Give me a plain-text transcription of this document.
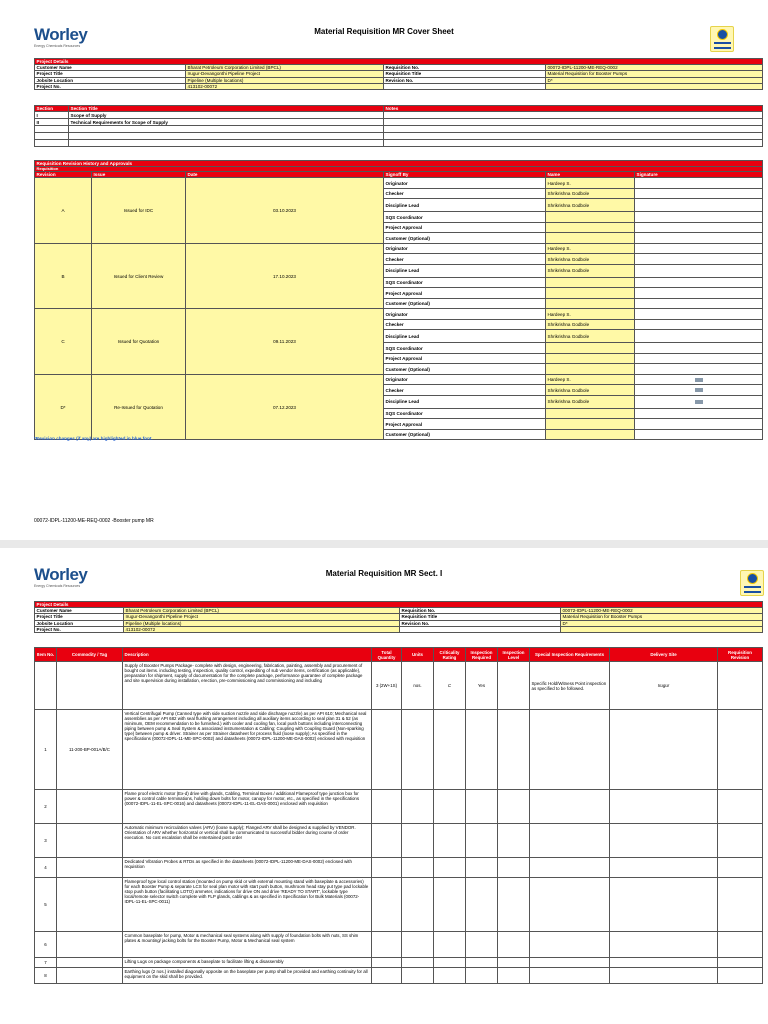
Worley
Energy Chemicals Resources
Material Requisition MR Cover Sheet
Project Details			
Customer Name	Bharat Petroleum Corporation Limited (BPCL)	Requisition No.	00072-IDPL-11200-ME-REQ-0002
Project Title	Irugur-Devangonthi Pipeline Project	Requisition Title	Material Requisition for Booster Pumps
Jobsite Location	Pipeline (Multiple locations)	Revision No.	D*
Project No.	413102-00072		
Section	Section Title	Notes
I	Scope of Supply	
II	Technical Requirements for Scope of Supply	

Requisition Revision History and Approvals						
Requisition						
Revision	Issue	Date	Signoff By	Name	Signature	
A	Issued for IDC	03.10.2023	Originator	Hardeep S.		
			Checker	Shrikrishna Godbole		
			Discipline Lead	Shrikrishna Godbole		
			SQS Coordinator			
			Project Approval			
			Customer (Optional)			
B	Issued for Client Review	17.10.2023	Originator	Hardeep S.		
			Checker	Shrikrishna Godbole		
			Discipline Lead	Shrikrishna Godbole		
			SQS Coordinator			
			Project Approval			
			Customer (Optional)			
C	Issued for Quotation	09.11.2023	Originator	Hardeep S.		
			Checker	Shrikrishna Godbole		
			Discipline Lead	Shrikrishna Godbole		
			SQS Coordinator			
			Project Approval			
			Customer (Optional)			
D*	Re-Issued for Quotation	07.12.2023	Originator	Hardeep S.		
			Checker	Shrikrishna Godbole		
			Discipline Lead	Shrikrishna Godbole		
			SQS Coordinator			
			Project Approval			
			Customer (Optional)			
*Revision changes (if any) are highlighted in blue font.
00072-IDPL-11200-ME-REQ-0002 -Booster pump MR
Worley
Energy Chemicals Resources
Material Requisition MR Sect. I
Project Details			
Customer Name	Bharat Petroleum Corporation Limited (BPCL)	Requisition No.	00072-IDPL-11200-ME-REQ-0002
Project Title	Irugur-Devangonthi Pipeline Project	Requisition Title	Material Requisition for Booster Pumps
Jobsite Location	Pipeline (Multiple locations)	Revision No.	D*
Project No.	413102-00072		
Item No.	Commodity / Tag	Description	Total Quantity	Units	Criticality Rating	Inspection Required	Inspection Level	Special Inspection Requirements	Delivery Site	Requisition Revision
		Supply of Booster Pumps Package- complete with design, engineering, fabrication, painting, assembly and procurement of bought out items. including testing, inspection, quality control, expediting of sub vendor items, certification (as applicable), preparation for shipment, supply of documentation for the complete package, performance guarantee of complete package and site supervision during installation, erection, pre-commissioning and commissioning and including	3 (2W+1S)	nos.	C	Yes		Specific Hold/Witness Point inspection as specified to be followed.	Irugur	
1	11-200-BP-001A/B/C	Vertical Centrifugal Pump (Canned type with side suction nozzle and side discharge nozzle) as per API 610; Mechanical seal assemblies as per API 682 with seal flushing arrangement including all auxiliary items according to seal plan 31 & 52 (as minimum, OEM recommendation to be furnished.) with cooler and cooling fan, local push buttons including interconnecting piping between pump & Seal System & associated instrumentation & Cabling; Coupling with Coupling Guard (Non-sparking type) between pump & driver. Strainer as per Strainer datasheet for process fluid (loose supply); As specified in the specifications (00072-IDPL-11-ME-SPC-0002) and datasheets (00072-IDPL-11200-ME-DAS-0002) enclosed with requisition								
2		Flame proof electric motor (Ex-d) drive with glands, Cabling, Terminal Boxes / additional Flameproof type junction box for power & control cable terminations, holding down bolts for motor, canopy for motor, etc., as specified in the specifications (00072-IDPL-11-EL-SPC-0016) and datasheets (00072-IDPL-11-EL-DAS-0001) enclosed with requisition								
3		Automatic minimum recirculation valves (ARV) (loose supply); Flanged ARV shall be designed & supplied by VENDOR. Orientation of ARV whether horizontal or vertical shall be communicated to successful bidder during course of order execution. No cost escalation shall be entertained post order								
4		Dedicated Vibration Probes & RTDs as specified in the datasheets (00072-IDPL-11200-ME-DAS-0002) enclosed with requisition								
5		Flameproof type local control station (mounted on pump skid or with external mounting stand with baseplate & accessories) for each Booster Pump & separate LCS for seal plan motor with start push button, mushroom head stay put type pad lockable stop push button (facilitating LOTO) ammeter, indications for drive ON and drive 'READY TO START', lockable type local/remote selector switch complete with FLP glands, cablings & as specified in Specification for Bulk Materials (00072-IDPL-11-EL-SPC-0011)								
6		Common baseplate for pump, Motor & mechanical seal systems along with supply of foundation bolts with nuts, SS shim plates & mounting/ jacking bolts for the Booster Pump, Motor & Mechanical seal system								
7		Lifting Lugs on package components & baseplate to facilitate lifting & disassembly								
8		Earthing lugs (2 nos.) installed diagonally opposite on the baseplate per pump shall be provided and earthing continuity for all equipment on the skid shall be provided.								
